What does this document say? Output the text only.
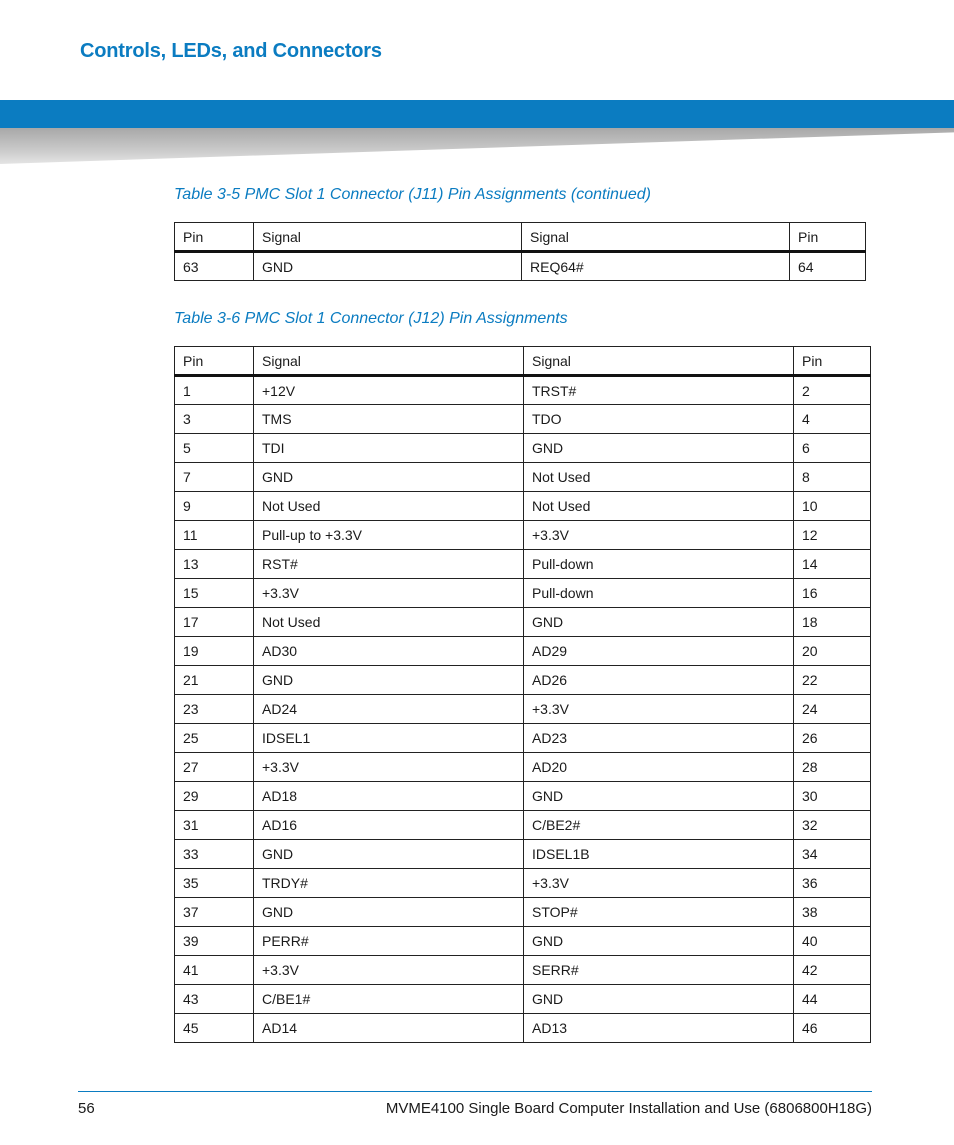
Controls, LEDs, and Connectors
Table 3-5 PMC Slot 1 Connector (J11) Pin Assignments (continued)
Pin	Signal	Signal	Pin
63	GND	REQ64#	64
Table 3-6 PMC Slot 1 Connector (J12) Pin Assignments
Pin	Signal	Signal	Pin
1	+12V	TRST#	2
3	TMS	TDO	4
5	TDI	GND	6
7	GND	Not Used	8
9	Not Used	Not Used	10
11	Pull-up to +3.3V	+3.3V	12
13	RST#	Pull-down	14
15	+3.3V	Pull-down	16
17	Not Used	GND	18
19	AD30	AD29	20
21	GND	AD26	22
23	AD24	+3.3V	24
25	IDSEL1	AD23	26
27	+3.3V	AD20	28
29	AD18	GND	30
31	AD16	C/BE2#	32
33	GND	IDSEL1B	34
35	TRDY#	+3.3V	36
37	GND	STOP#	38
39	PERR#	GND	40
41	+3.3V	SERR#	42
43	C/BE1#	GND	44
45	AD14	AD13	46
56	MVME4100 Single Board Computer Installation and Use (6806800H18G)
